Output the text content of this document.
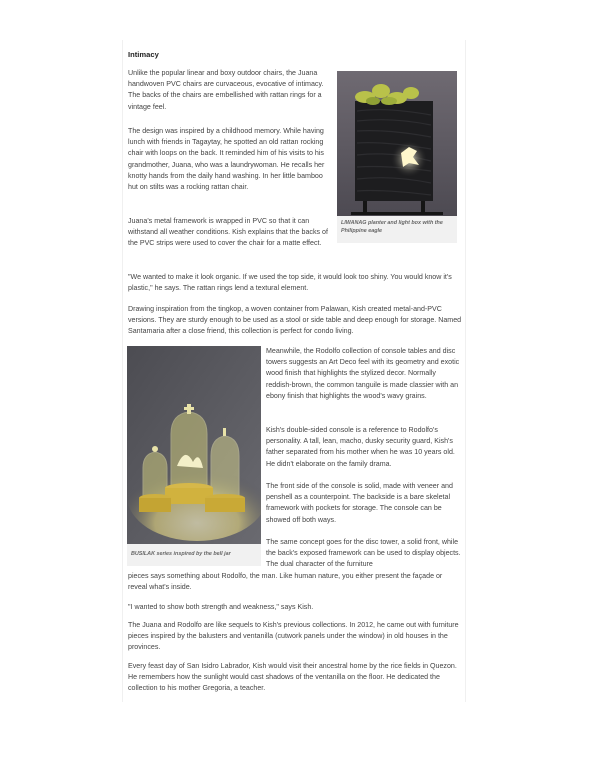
Intimacy
LIWANAG planter and light box with the Philippine eagle

Unlike the popular linear and boxy outdoor chairs, the Juana handwoven PVC chairs are curvaceous, evocative of intimacy. The backs of the chairs are embellished with rattan rings for a vintage feel.

The design was inspired by a childhood memory. While having lunch with friends in Tagaytay, he spotted an old rattan rocking chair with loops on the back. It reminded him of his visits to his grandmother, Juana, who was a laundrywoman. He recalls her knotty hands from the daily hand washing. In her little bamboo hut on stilts was a rocking rattan chair.

Juana's metal framework is wrapped in PVC so that it can withstand all weather conditions. Kish explains that the backs of the PVC strips were used to cover the chair for a matte effect.

"We wanted to make it look organic. If we used the top side, it would look too shiny. You would know it's plastic," he says. The rattan rings lend a textural element.

Drawing inspiration from the tingkop, a woven container from Palawan, Kish created metal-and-PVC versions. They are sturdy enough to be used as a stool or side table and deep enough for storage. Named Santamaria after a close friend, this collection is perfect for condo living.

BUSILAK series inspired by the bell jar

Meanwhile, the Rodolfo collection of console tables and disc towers suggests an Art Deco feel with its geometry and exotic wood finish that highlights the stylized decor. Normally reddish-brown, the common tanguile is made classier with an ebony finish that highlights the wood's wavy grains.

Kish's double-sided console is a reference to Rodolfo's personality. A tall, lean, macho, dusky security guard, Kish's father separated from his mother when he was 10 years old. He didn't elaborate on the family drama.

The front side of the console is solid, made with veneer and penshell as a counterpoint. The backside is a bare skeletal framework with pockets for storage. The console can be showed off both ways.

The same concept goes for the disc tower, a solid front, while the back's exposed framework can be used to display objects. The dual character of the furniture

pieces says something about Rodolfo, the man. Like human nature, you either present the façade or reveal what's inside.

"I wanted to show both strength and weakness," says Kish.

The Juana and Rodolfo are like sequels to Kish's previous collections. In 2012, he came out with furniture pieces inspired by the balusters and ventanilla (cutwork panels under the window) in old houses in the provinces.

Every feast day of San Isidro Labrador, Kish would visit their ancestral home by the rice fields in Quezon. He remembers how the sunlight would cast shadows of the ventanilla on the floor. He dedicated the collection to his mother Gregoria, a teacher.
